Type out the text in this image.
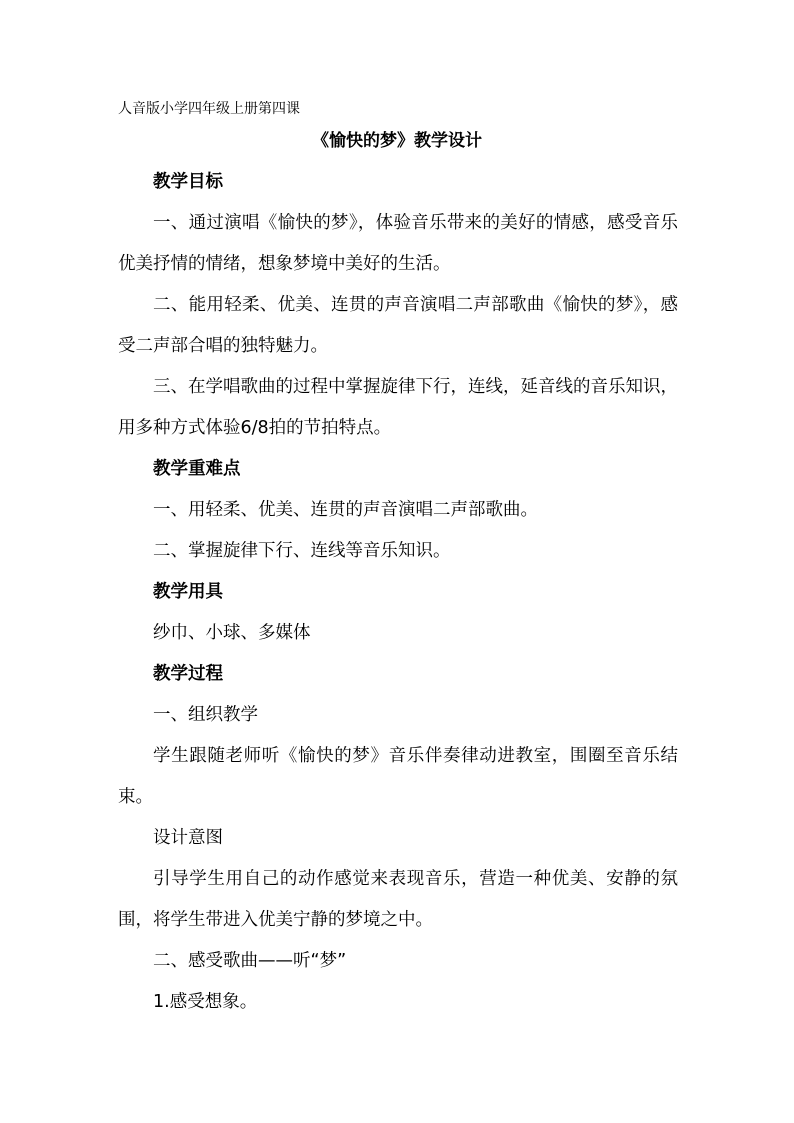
人音版小学四年级上册第四课
《愉快的梦》教学设计

教学目标

一、通过演唱《愉快的梦》，体验音乐带来的美好的情感，感受音乐优美抒情的情绪，想象梦境中美好的生活。

二、能用轻柔、优美、连贯的声音演唱二声部歌曲《愉快的梦》，感受二声部合唱的独特魅力。

三、在学唱歌曲的过程中掌握旋律下行，连线，延音线的音乐知识，用多种方式体验6/8拍的节拍特点。

教学重难点

一、用轻柔、优美、连贯的声音演唱二声部歌曲。

二、掌握旋律下行、连线等音乐知识。

教学用具

纱巾、小球、多媒体

教学过程

一、组织教学

学生跟随老师听《愉快的梦》音乐伴奏律动进教室，围圈至音乐结束。

设计意图

引导学生用自己的动作感觉来表现音乐，营造一种优美、安静的氛围，将学生带进入优美宁静的梦境之中。

二、感受歌曲——听“梦”

1.感受想象。
